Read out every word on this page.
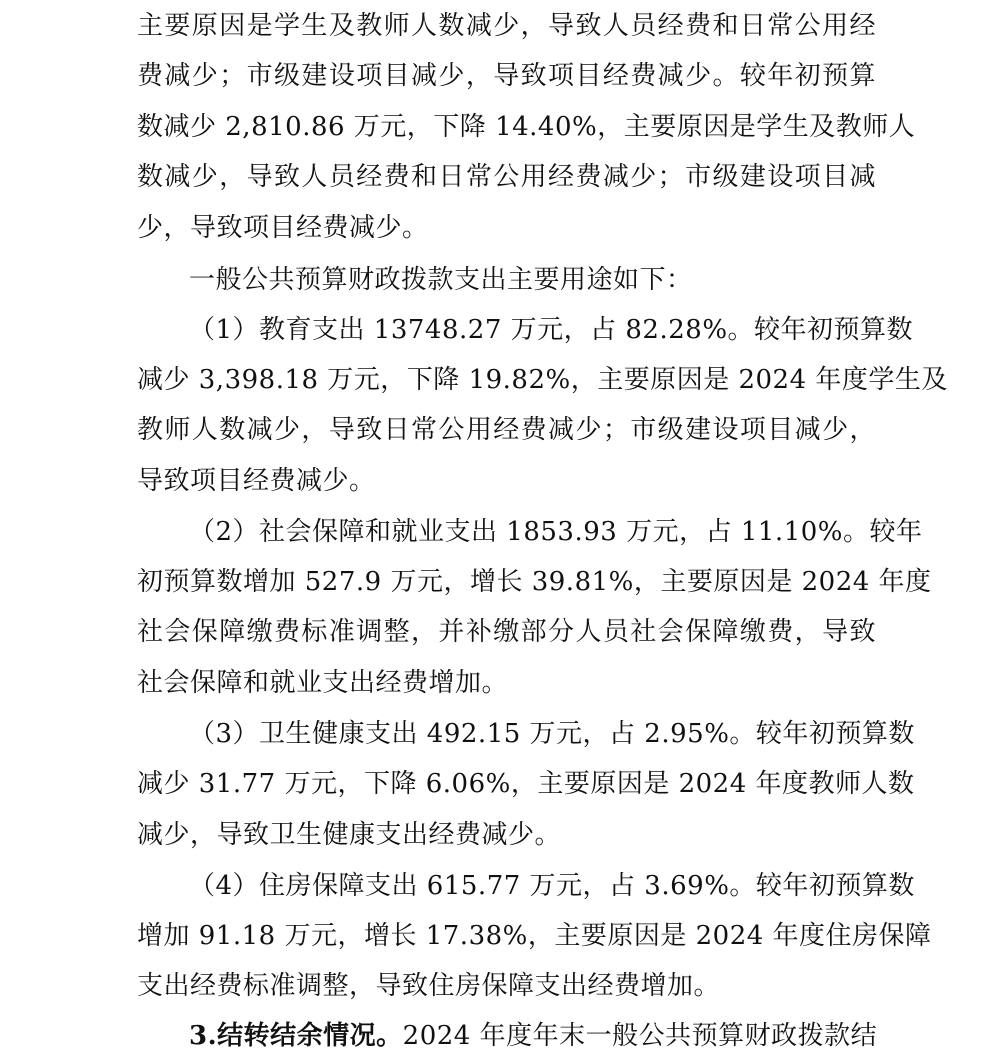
主要原因是学生及教师人数减少，导致人员经费和日常公用经
费减少；市级建设项目减少，导致项目经费减少。较年初预算
数减少 2,810.86 万元，下降 14.40%，主要原因是学生及教师人
数减少，导致人员经费和日常公用经费减少；市级建设项目减
少，导致项目经费减少。
一般公共预算财政拨款支出主要用途如下：
（1）教育支出 13748.27 万元，占 82.28%。较年初预算数
减少 3,398.18 万元，下降 19.82%，主要原因是 2024 年度学生及
教师人数减少，导致日常公用经费减少；市级建设项目减少，
导致项目经费减少。
（2）社会保障和就业支出 1853.93 万元，占 11.10%。较年
初预算数增加 527.9 万元，增长 39.81%，主要原因是 2024 年度
社会保障缴费标准调整，并补缴部分人员社会保障缴费，导致
社会保障和就业支出经费增加。
（3）卫生健康支出 492.15 万元，占 2.95%。较年初预算数
减少 31.77 万元，下降 6.06%，主要原因是 2024 年度教师人数
减少，导致卫生健康支出经费减少。
（4）住房保障支出 615.77 万元，占 3.69%。较年初预算数
增加 91.18 万元，增长 17.38%，主要原因是 2024 年度住房保障
支出经费标准调整，导致住房保障支出经费增加。
3.结转结余情况。2024 年度年末一般公共预算财政拨款结
